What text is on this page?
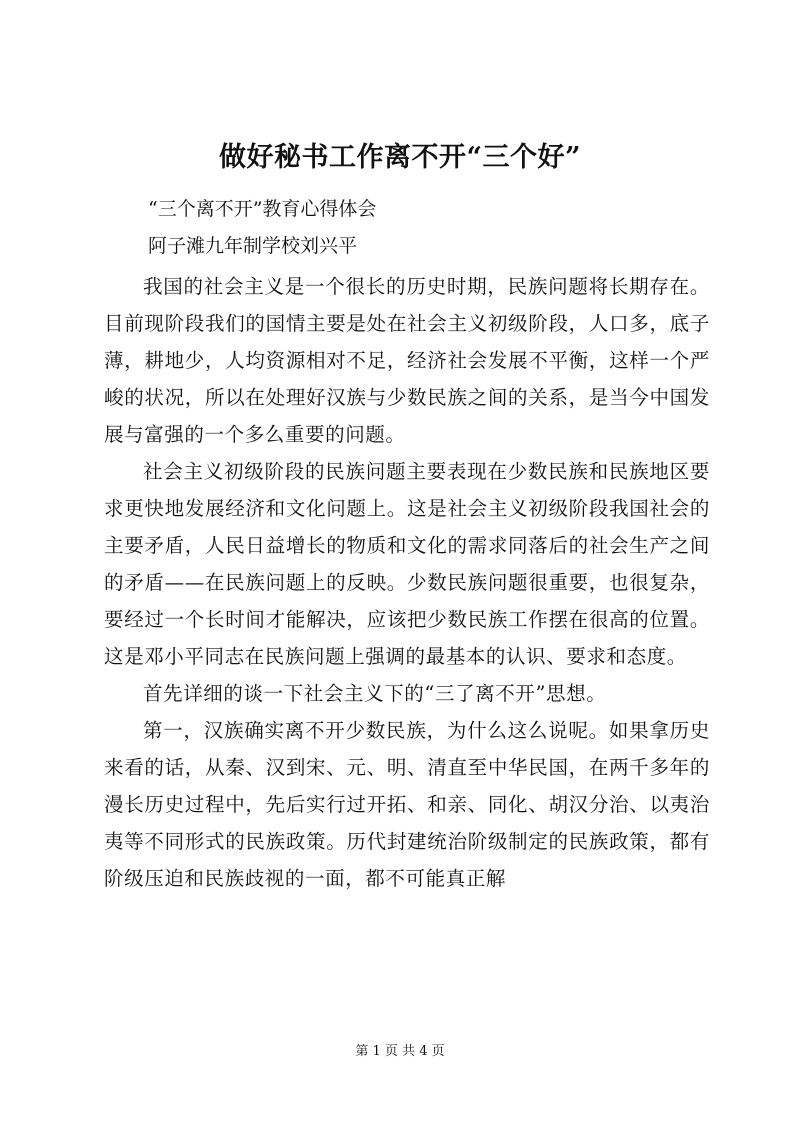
做好秘书工作离不开“三个好”
“三个离不开”教育心得体会
阿子滩九年制学校刘兴平

我国的社会主义是一个很长的历史时期，民族问题将长期存在。目前现阶段我们的国情主要是处在社会主义初级阶段，人口多，底子薄，耕地少，人均资源相对不足，经济社会发展不平衡，这样一个严峻的状况，所以在处理好汉族与少数民族之间的关系，是当今中国发展与富强的一个多么重要的问题。

社会主义初级阶段的民族问题主要表现在少数民族和民族地区要求更快地发展经济和文化问题上。这是社会主义初级阶段我国社会的主要矛盾，人民日益增长的物质和文化的需求同落后的社会生产之间的矛盾——在民族问题上的反映。少数民族问题很重要，也很复杂，要经过一个长时间才能解决，应该把少数民族工作摆在很高的位置。这是邓小平同志在民族问题上强调的最基本的认识、要求和态度。

首先详细的谈一下社会主义下的“三了离不开”思想。

第一，汉族确实离不开少数民族，为什么这么说呢。如果拿历史来看的话，从秦、汉到宋、元、明、清直至中华民国，在两千多年的漫长历史过程中，先后实行过开拓、和亲、同化、胡汉分治、以夷治夷等不同形式的民族政策。历代封建统治阶级制定的民族政策，都有阶级压迫和民族歧视的一面，都不可能真正解

第 1 页 共 4 页
